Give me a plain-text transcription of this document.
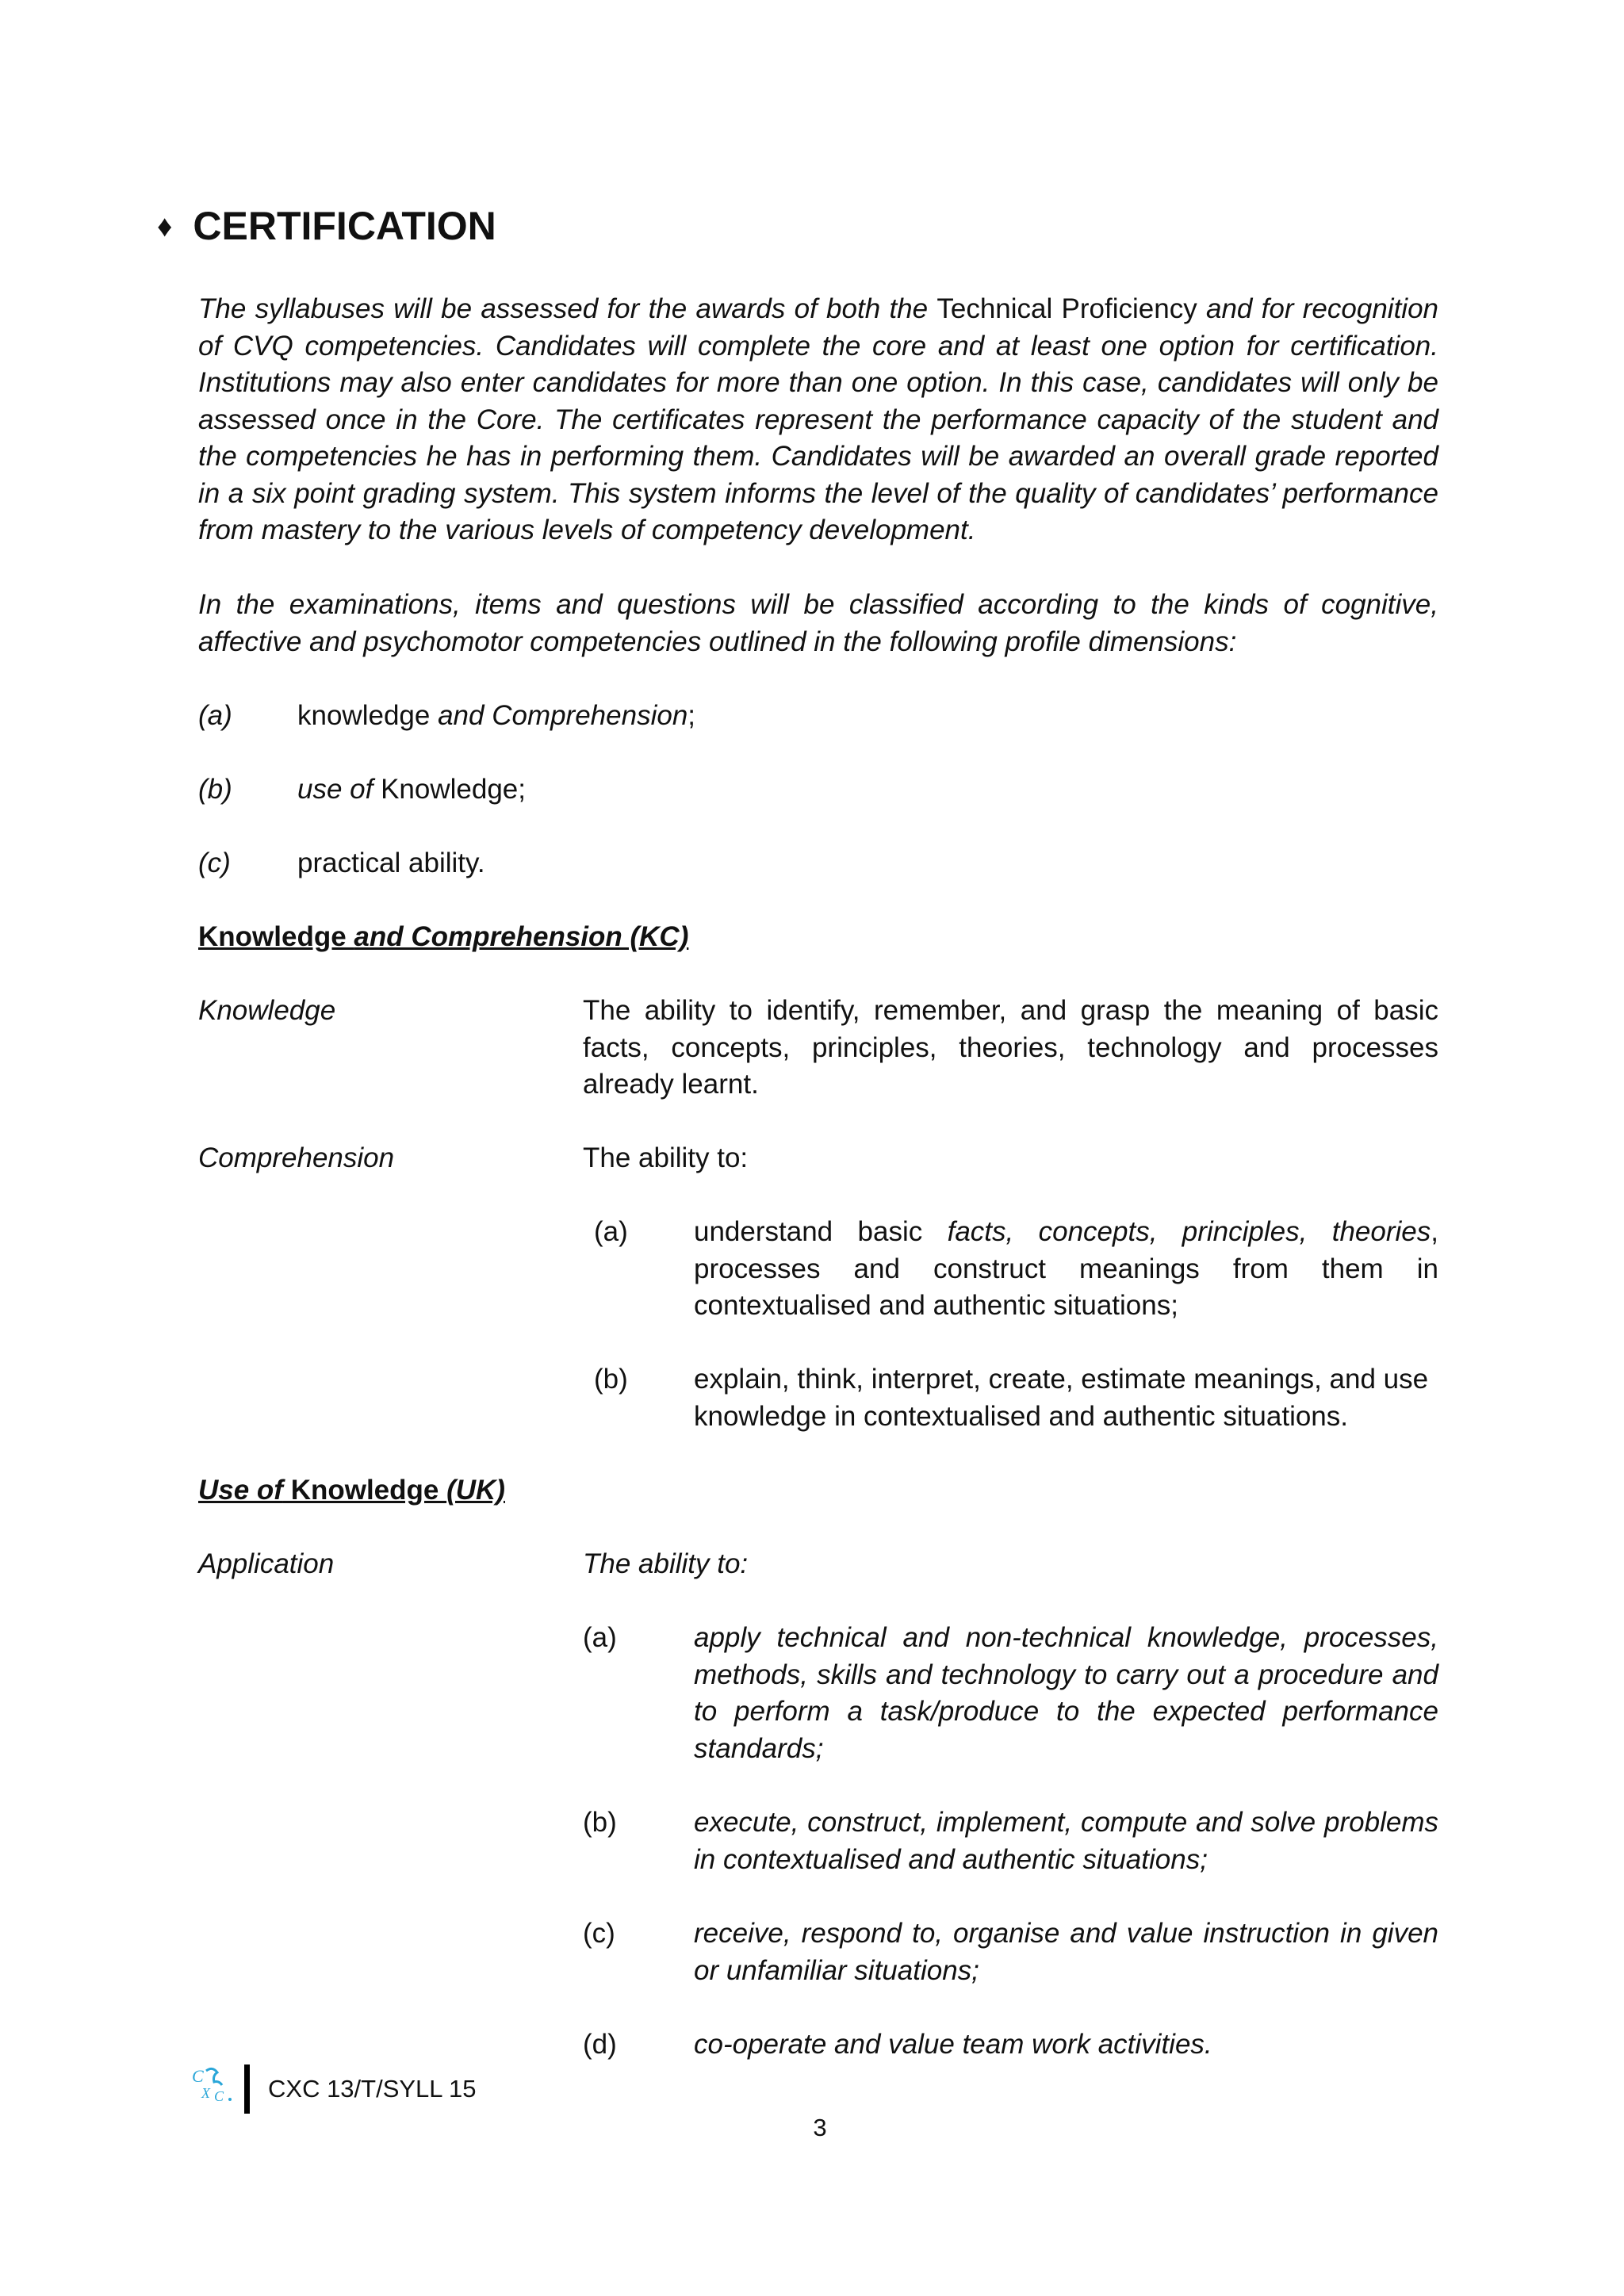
♦ CERTIFICATION

The syllabuses will be assessed for the awards of both the Technical Proficiency and for recognition of CVQ competencies. Candidates will complete the core and at least one option for certification. Institutions may also enter candidates for more than one option. In this case, candidates will only be assessed once in the Core. The certificates represent the performance capacity of the student and the competencies he has in performing them. Candidates will be awarded an overall grade reported in a six point grading system. This system informs the level of the quality of candidates’ performance from mastery to the various levels of competency development.

In the examinations, items and questions will be classified according to the kinds of cognitive, affective and psychomotor competencies outlined in the following profile dimensions:

(a) knowledge and Comprehension;
(b) use of Knowledge;
(c) practical ability.
Knowledge and Comprehension (KC)
Knowledge	The ability to identify, remember, and grasp the meaning of basic facts, concepts, principles, theories, technology and processes already learnt.

Comprehension	The ability to:
(a) understand basic facts, concepts, principles, theories, processes and construct meanings from them in contextualised and authentic situations;
(b) explain, think, interpret, create, estimate meanings, and use knowledge in contextualised and authentic situations.
Use of Knowledge (UK)
Application	The ability to:
(a)	apply technical and non-technical knowledge, processes, methods, skills and technology to carry out a procedure and to perform a task/produce to the expected performance standards;
(b)	execute, construct, implement, compute and solve problems in contextualised and authentic situations;
(c)	receive, respond to, organise and value instruction in given or unfamiliar situations;
(d)	co-operate and value team work activities.
C
X C CXC 13/T/SYLL 15
3
